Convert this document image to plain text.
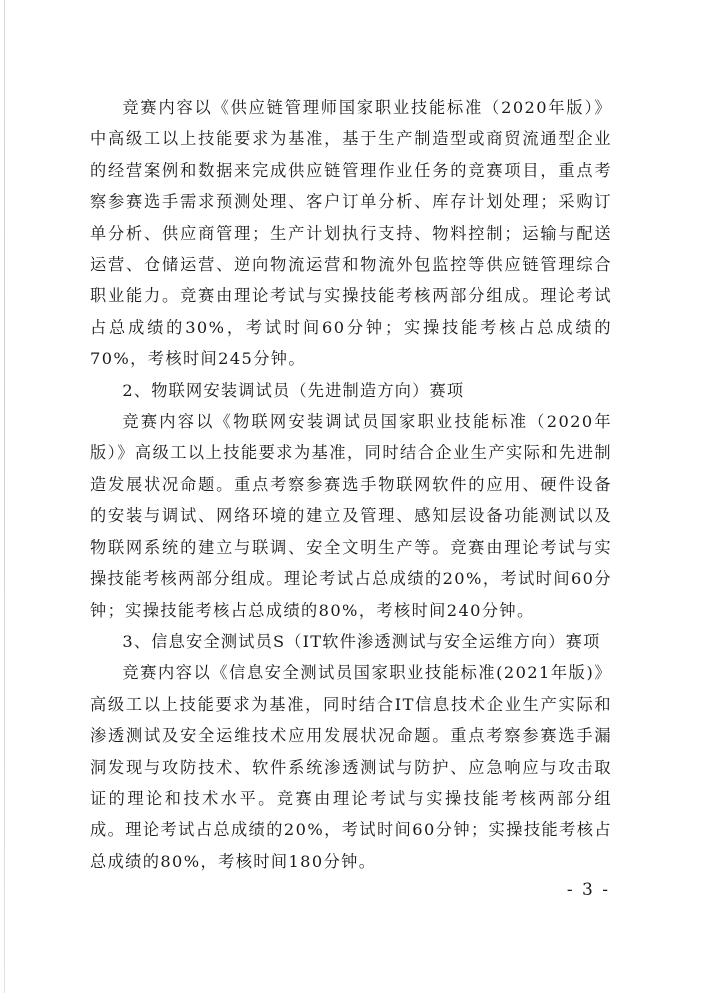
竞赛内容以《供应链管理师国家职业技能标准（2020年版）》中高级工以上技能要求为基准，基于生产制造型或商贸流通型企业的经营案例和数据来完成供应链管理作业任务的竞赛项目，重点考察参赛选手需求预测处理、客户订单分析、库存计划处理；采购订单分析、供应商管理；生产计划执行支持、物料控制；运输与配送运营、仓储运营、逆向物流运营和物流外包监控等供应链管理综合职业能力。竞赛由理论考试与实操技能考核两部分组成。理论考试占总成绩的30%，考试时间60分钟；实操技能考核占总成绩的70%，考核时间245分钟。

2、物联网安装调试员（先进制造方向）赛项

竞赛内容以《物联网安装调试员国家职业技能标准（2020年版）》高级工以上技能要求为基准，同时结合企业生产实际和先进制造发展状况命题。重点考察参赛选手物联网软件的应用、硬件设备的安装与调试、网络环境的建立及管理、感知层设备功能测试以及物联网系统的建立与联调、安全文明生产等。竞赛由理论考试与实操技能考核两部分组成。理论考试占总成绩的20%，考试时间60分钟；实操技能考核占总成绩的80%，考核时间240分钟。

3、信息安全测试员S（IT软件渗透测试与安全运维方向）赛项

竞赛内容以《信息安全测试员国家职业技能标准(2021年版)》高级工以上技能要求为基准，同时结合IT信息技术企业生产实际和渗透测试及安全运维技术应用发展状况命题。重点考察参赛选手漏洞发现与攻防技术、软件系统渗透测试与防护、应急响应与攻击取证的理论和技术水平。竞赛由理论考试与实操技能考核两部分组成。理论考试占总成绩的20%，考试时间60分钟；实操技能考核占总成绩的80%，考核时间180分钟。

- 3 -
